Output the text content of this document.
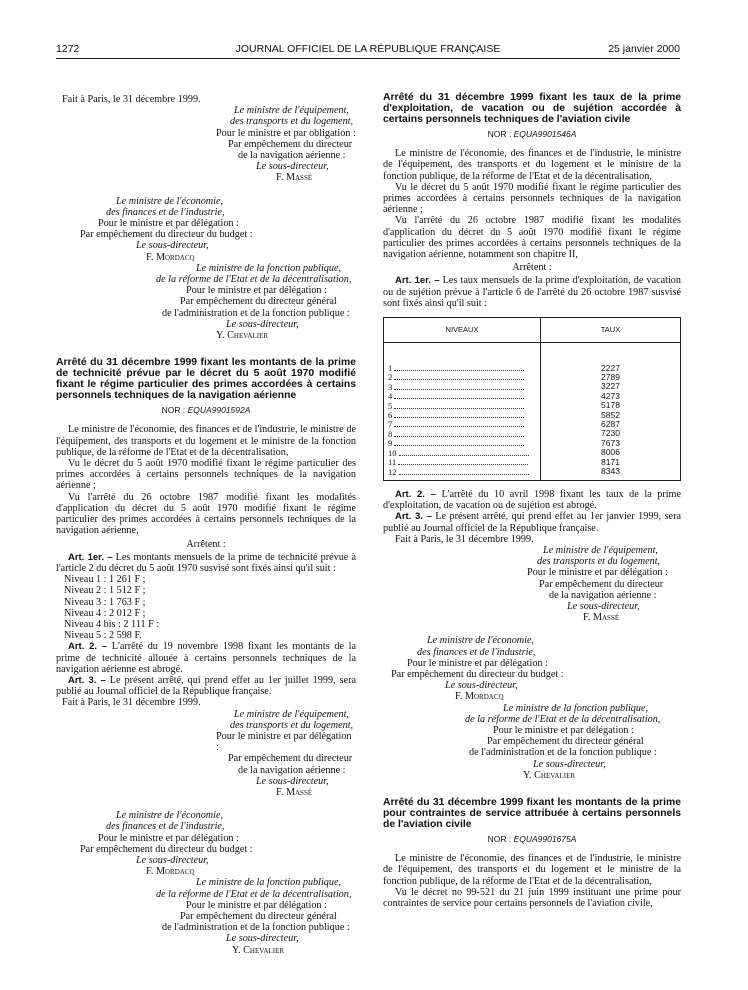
1272	JOURNAL OFFICIEL DE LA RÉPUBLIQUE FRANÇAISE	25 janvier 2000
Fait à Paris, le 31 décembre 1999.
Le ministre de l'équipement,
des transports et du logement,
Pour le ministre et par obligation :
Par empêchement du directeur
de la navigation aérienne :
Le sous-directeur,
F. Massé
Le ministre de l'économie,
des finances et de l'industrie,
Pour le ministre et par délégation :
Par empêchement du directeur du budget :
Le sous-directeur,
F. Mordacq
Le ministre de la fonction publique,
de la réforme de l'Etat et de la décentralisation,
Pour le ministre et par délégation :
Par empêchement du directeur général
de l'administration et de la fonction publique :
Le sous-directeur,
Y. Chevalier
Arrêté du 31 décembre 1999 fixant les montants de la prime de technicité prévue par le décret du 5 août 1970 modifié fixant le régime particulier des primes accordées à certains personnels techniques de la navigation aérienne
NOR : EQUA9901592A
Le ministre de l'économie, des finances et de l'industrie, le ministre de l'équipement, des transports et du logement et le ministre de la fonction publique, de la réforme de l'Etat et de la décentralisation,
Vu le décret du 5 août 1970 modifié fixant le régime particulier des primes accordées à certains personnels techniques de la navigation aérienne ;
Vu l'arrêté du 26 octobre 1987 modifié fixant les modalités d'application du décret du 5 août 1970 modifié fixant le régime particulier des primes accordées à certains personnels techniques de la navigation aérienne,
Arrêtent :
Art. 1er. – Les montants mensuels de la prime de technicité prévue à l'article 2 du décret du 5 août 1970 susvisé sont fixés ainsi qu'il suit :
Niveau 1 : 1 261 F ;
Niveau 2 : 1 512 F ;
Niveau 3 : 1 763 F ;
Niveau 4 : 2 012 F ;
Niveau 4 bis : 2 111 F :
Niveau 5 : 2 598 F.
Art. 2. – L'arrêté du 19 novembre 1998 fixant les montants de la prime de technicité allouée à certains personnels techniques de la navigation aérienne est abrogé.
Art. 3. – Le présent arrêté, qui prend effet au 1er juillet 1999, sera publié au Journal officiel de la République française.
Fait à Paris, le 31 décembre 1999.
Le ministre de l'équipement,
des transports et du logement,
Pour le ministre et par délégation :
Par empêchement du directeur
de la navigation aérienne :
Le sous-directeur,
F. Massé
Le ministre de l'économie,
des finances et de l'industrie,
Pour le ministre et par délégation :
Par empêchement du directeur du budget :
Le sous-directeur,
F. Mordacq
Le ministre de la fonction publique,
de la réforme de l'Etat et de la décentralisation,
Pour le ministre et par délégation :
Par empêchement du directeur général
de l'administration et de la fonction publique :
Le sous-directeur,
Y. Chevalier
Arrêté du 31 décembre 1999 fixant les taux de la prime d'exploitation, de vacation ou de sujétion accordée à certains personnels techniques de l'aviation civile
NOR : EQUA9901546A
Le ministre de l'économie, des finances et de l'industrie, le ministre de l'équipement, des transports et du logement et le ministre de la fonction publique, de la réforme de l'Etat et de la décentralisation,
Vu le décret du 5 août 1970 modifié fixant le régime particulier des primes accordées à certains personnels techniques de la navigation aérienne ;
Vu l'arrêté du 26 octobre 1987 modifié fixant les modalités d'application du décret du 5 août 1970 modifié fixant le régime particulier des primes accordées à certains personnels techniques de la navigation aérienne, notamment son chapitre II,
Arrêtent :
Art. 1er. – Les taux mensuels de la prime d'exploitation, de vacation ou de sujétion prévue à l'article 6 de l'arrêté du 26 octobre 1987 susvisé sont fixés ainsi qu'il suit :
NIVEAUX	TAUX
1	2227
2	2789
3	3227
4	4273
5	5178
6	5852
7	6287
8	7230
9	7673
10	8006
11	8171
12	8343
Art. 2. – L'arrêté du 10 avril 1998 fixant les taux de la prime d'exploitation, de vacation ou de sujétion est abrogé.
Art. 3. – Le présent arrêté, qui prend effet au 1er janvier 1999, sera publié au Journal officiel de la République française.
Fait à Paris, le 31 décembre 1999.
Le ministre de l'équipement,
des transports et du logement,
Pour le ministre et par délégation :
Par empêchement du directeur
de la navigation aérienne :
Le sous-directeur,
F. Massé
Le ministre de l'économie,
des finances et de l'industrie,
Pour le ministre et par délégation :
Par empêchement du directeur du budget :
Le sous-directeur,
F. Mordacq
Le ministre de la fonction publique,
de la réforme de l'Etat et de la décentralisation,
Pour le ministre et par délégation :
Par empêchement du directeur général
de l'administration et de la fonction publique :
Le sous-directeur,
Y. Chevalier
Arrêté du 31 décembre 1999 fixant les montants de la prime pour contraintes de service attribuée à certains personnels de l'aviation civile
NOR : EQUA9901675A
Le ministre de l'économie, des finances et de l'industrie, le ministre de l'équipement, des transports et du logement et le ministre de la fonction publique, de la réforme de l'Etat et de la décentralisation,
Vu le décret no 99-521 du 21 juin 1999 instituant une prime pour contraintes de service pour certains personnels de l'aviation civile,
